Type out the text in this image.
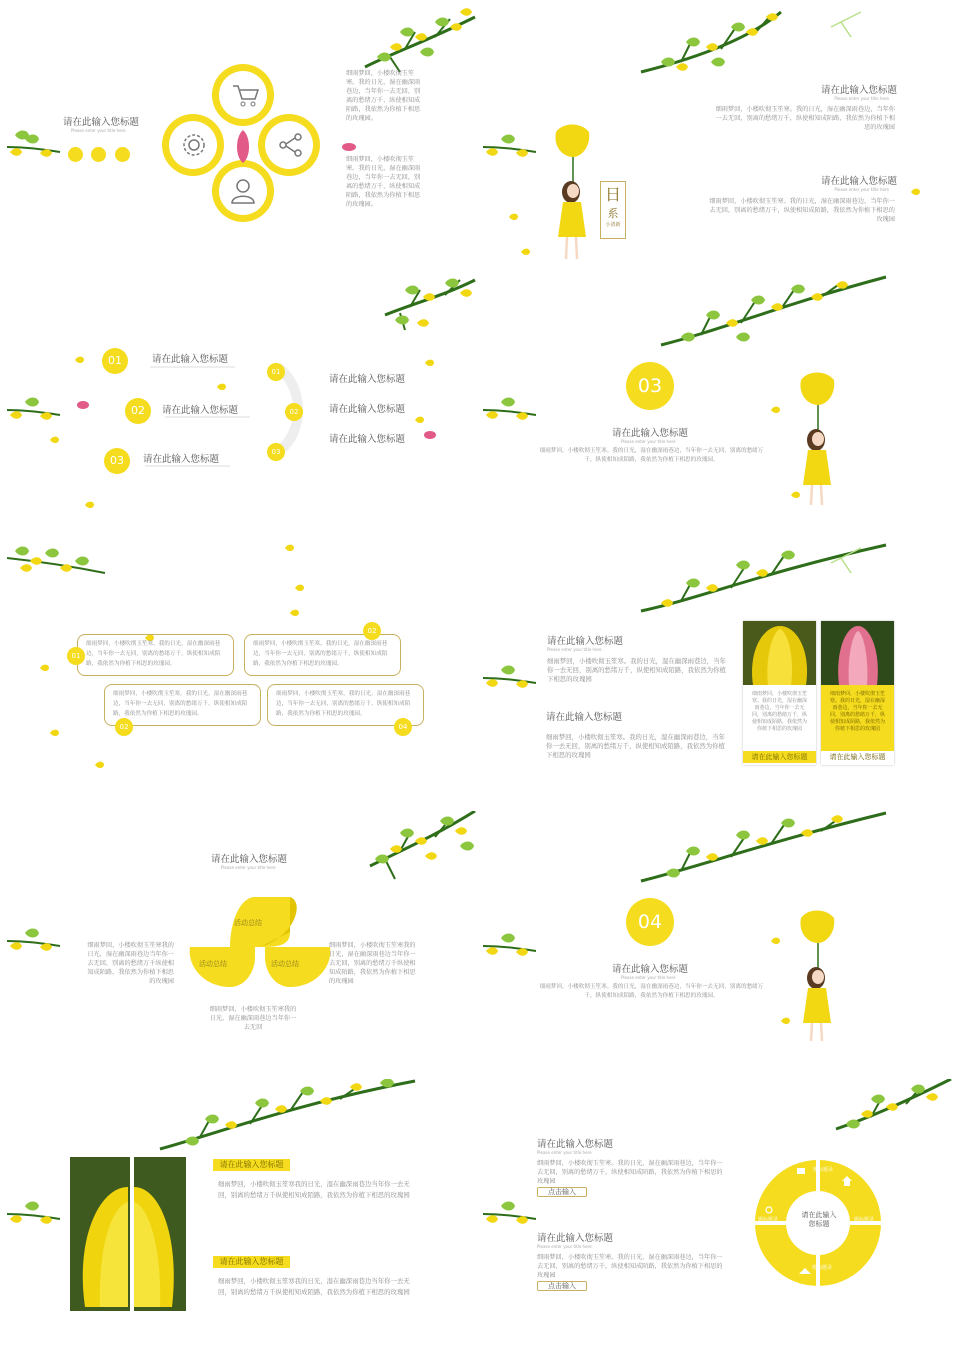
请在此输入您标题
Please enter your title here
细雨梦回，小楼吹彻玉笙寒。我的日光，湿在幽深雨巷边，当年你一去无回，别离的愁绪万千，纵使相知成陌路，我依然为你植下相思的玫瑰园。
细雨梦回，小楼吹彻玉笙寒。我的日光，湿在幽深雨巷边，当年你一去无回，别离的愁绪万千，纵使相知成陌路，我依然为你植下相思的玫瑰园。
日
系
小清新
请在此输入您标题
Please enter your title here
细雨梦回，小楼吹彻玉笙寒。我的日光，湿在幽深雨巷边，当年你一去无回，别离的愁绪万千，纵使相知成陌路，我依然为你植下相思的玫瑰园
请在此输入您标题
Please enter your title here
细雨梦回，小楼吹彻玉笙寒。我的日光，湿在幽深雨巷边，当年你一去无回，别离的愁绪万千，纵使相知成陌路，我依然为你植下相思的玫瑰园
01	请在此输入您标题
02	请在此输入您标题
03	请在此输入您标题
01
请在此输入您标题
02	请在此输入您标题
03
请在此输入您标题
03
请在此输入您标题
Please enter your title here
细雨梦回，小楼吹彻玉笙寒。我的日光，湿在幽深雨巷边，当年你一去无回，别离的愁绪万千，纵使相知成陌路，我依然为你植下相思的玫瑰园。
细雨梦回，小楼吹彻玉笙寒，我的日光，湿在幽深雨巷边，当年你一去无回，别离的愁绪万千，纵使相知成陌路，我依然为你植下相思的玫瑰园。
01
细雨梦回，小楼吹彻玉笙寒，我的日光，湿在幽深雨巷边，当年你一去无回，别离的愁绪万千，纵使相知成陌路，我依然为你植下相思的玫瑰园。
02
细雨梦回，小楼吹彻玉笙寒，我的日光，湿在幽深雨巷边，当年你一去无回，别离的愁绪万千，纵使相知成陌路，我依然为你植下相思的玫瑰园。
02
细雨梦回，小楼吹彻玉笙寒，我的日光，湿在幽深雨巷边，当年你一去无回，别离的愁绪万千，纵使相知成陌路，我依然为你植下相思的玫瑰园。
04
请在此输入您标题
Please enter your title here
细雨梦回，小楼吹彻玉笙寒。我的日光，湿在幽深雨巷边，当年你一去无回，别离的愁绪万千，纵使相知成陌路，我依然为你植下相思的玫瑰园
请在此输入您标题
细雨梦回，小楼吹彻玉笙寒。我的日光，湿在幽深雨巷边，当年你一去无回，别离的愁绪万千，纵使相知成陌路，我依然为你植下相思的玫瑰园
细雨梦回，小楼吹彻玉笙寒。我的日光，湿在幽深雨巷边，当年你一去无回，别离的愁绪万千，纵使相知成陌路，我依然为你植下相思的玫瑰园
请在此输入您标题
细雨梦回，小楼吹彻玉笙寒。我的日光，湿在幽深雨巷边，当年你一去无回，别离的愁绪万千，纵使相知成陌路，我依然为你植下相思的玫瑰园
请在此输入您标题
请在此输入您标题
Please enter your title here
活动总结
活动总结	活动总结
细雨梦回，小楼吹彻玉笙寒我的日光，湿在幽深雨巷边当年你一去无回，别离的愁绪万千纵使相知成陌路，我依然为你植下相思的玫瑰园
细雨梦回，小楼吹彻玉笙寒我的日光，湿在幽深雨巷边当年你一去无回，别离的愁绪万千纵使相知成陌路，我依然为你植下相思的玫瑰园
细雨梦回，小楼吹彻玉笙寒我的日光，湿在幽深雨巷边当年你一去无回
04
请在此输入您标题
Please enter your title here
细雨梦回，小楼吹彻玉笙寒。我的日光，湿在幽深雨巷边，当年你一去无回，别离的愁绪万千，纵使相知成陌路，我依然为你植下相思的玫瑰园。
请在此输入您标题
细雨梦回，小楼吹彻玉笙寒我的日光，湿在幽深雨巷边当年你一去无回，别离的愁绪万千纵使相知成陌路，我依然为你植下相思的玫瑰园
请在此输入您标题
细雨梦回，小楼吹彻玉笙寒我的日光，湿在幽深雨巷边当年你一去无回，别离的愁绪万千纵使相知成陌路，我依然为你植下相思的玫瑰园
请在此输入您标题
Please enter your title here
细雨梦回，小楼吹彻玉笙寒。我的日光，湿在幽深雨巷边，当年你一去无回，别离的愁绪万千，纵使相知成陌路，我依然为你植下相思的玫瑰园
点击输入
请在此输入您标题
Please enter your title here
细雨梦回，小楼吹彻玉笙寒。我的日光，湿在幽深雨巷边，当年你一去无回，别离的愁绪万千，纵使相知成陌路，我依然为你植下相思的玫瑰园
点击输入
请在此输入
您标题
题标题录
题标题录
题标题录
题标题录
